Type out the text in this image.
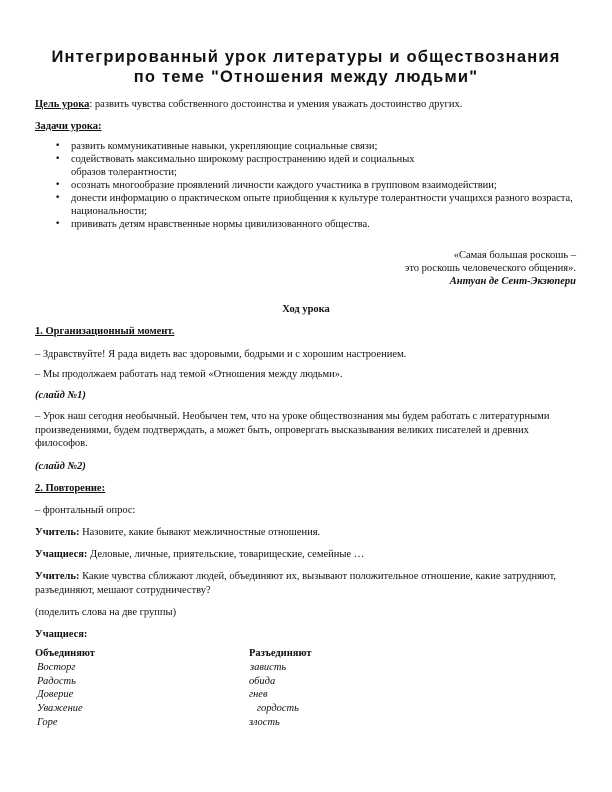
Интегрированный урок литературы и обществознания
по теме "Отношения между людьми"

Цель урока: развить чувства собственного достоинства и умения уважать достоинство других.

Задачи урока:

• развить коммуникативные навыки, укрепляющие социальные связи;
• содействовать максимально широкому распространению идей и социальных образов толерантности;
• осознать многообразие проявлений личности каждого участника в групповом взаимодействии;
• донести информацию о практическом опыте приобщения к культуре толерантности учащихся разного возраста, национальности;
• прививать детям нравственные нормы цивилизованного общества.
«Самая большая роскошь –
это роскошь человеческого общения».
Антуан де Сент-Экзюпери

Ход урока

1. Организационный момент.

– Здравствуйте! Я рада видеть вас здоровыми, бодрыми и с хорошим настроением.

– Мы продолжаем работать над темой «Отношения между людьми».

(слайд №1)

– Урок наш сегодня необычный. Необычен тем, что на уроке обществознания мы будем работать с литературными произведениями, будем подтверждать, а может быть, опровергать высказывания великих писателей и древних философов.

(слайд №2)

2. Повторение:

– фронтальный опрос:

Учитель: Назовите, какие бывают межличностные отношения.

Учащиеся: Деловые, личные, приятельские, товарищеские, семейные …

Учитель: Какие чувства сближают людей, объединяют их, вызывают положительное отношение, какие затрудняют, разъединяют, мешают сотрудничеству?

(поделить слова на две группы)

Учащиеся:

Объединяют	Разъединяют
Восторг	зависть
Радость	обида
Доверие	гнев
Уважение	гордость
Горе	злость
